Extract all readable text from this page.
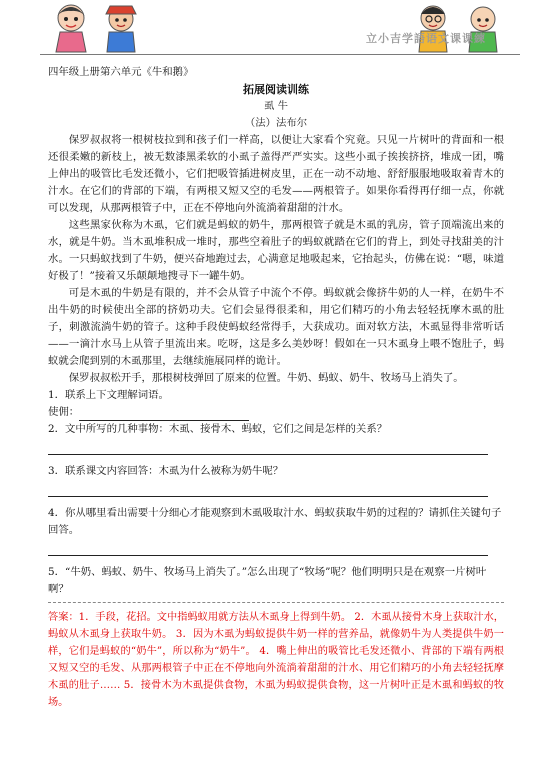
立小吉学語语文课课練

四年级上册第六单元《牛和鹅》

拓展阅读训练

虱 牛

（法）法布尔

保罗叔叔将一根树枝拉到和孩子们一样高，以便让大家看个究竟。只见一片树叶的背面和一根还很柔嫩的新枝上，被无数漆黑柔软的小虱子盖得严严实实。这些小虱子挨挨挤挤，堆成一团，嘴上伸出的吸管比毛发还微小，它们把吸管插进树皮里，正在一动不动地、舒舒服服地吸取着青木的汁水。在它们的背部的下端，有两根又短又空的毛发——两根管子。如果你看得再仔细一点，你就可以发现，从那两根管子中，正在不停地向外流淌着甜甜的汁水。

这些黑家伙称为木虱，它们就是蚂蚁的奶牛，那两根管子就是木虱的乳房，管子顶端流出来的水，就是牛奶。当木虱堆积成一堆时，那些空着肚子的蚂蚁就踏在它们的背上，到处寻找甜美的汁水。一只蚂蚁找到了牛奶，便兴奋地跑过去，心满意足地吸起来，它抬起头，仿佛在说：“嗯，味道好极了！”接着又乐颠颠地搜寻下一罐牛奶。

可是木虱的牛奶是有限的，并不会从管子中流个不停。蚂蚁就会像挤牛奶的人一样，在奶牛不出牛奶的时候使出全部的挤奶功夫。它们会显得很柔和，用它们精巧的小角去轻轻抚摩木虱的肚子，刺激流淌牛奶的管子。这种手段使蚂蚁经常得手，大获成功。面对软方法，木虱显得非常听话——一滴汁水马上从管子里流出来。吃呀，这是多么美妙呀！假如在一只木虱身上喂不饱肚子，蚂蚁就会爬到别的木虱那里，去继续施展同样的诡计。

保罗叔叔松开手，那根树枝弹回了原来的位置。牛奶、蚂蚁、奶牛、牧场马上消失了。

1．联系上下文理解词语。

使佣：

2．文中所写的几种事物：木虱、接骨木、蚂蚁，它们之间是怎样的关系？

3．联系课文内容回答：木虱为什么被称为奶牛呢？

4．你从哪里看出需要十分细心才能观察到木虱吸取汁水、蚂蚁获取牛奶的过程的？请抓住关键句子回答。

5．“牛奶、蚂蚁、奶牛、牧场马上消失了。”怎么出现了“牧场”呢？他们明明只是在观察一片树叶啊？

答案：1．手段，花招。文中指蚂蚁用就方法从木虱身上得到牛奶。 2．木虱从接骨木身上获取汁水，蚂蚁从木虱身上获取牛奶。 3．因为木虱为蚂蚁提供牛奶一样的营养品，就像奶牛为人类提供牛奶一样，它们是蚂蚁的“奶牛”，所以称为“奶牛”。 4．嘴上伸出的吸管比毛发还微小、背部的下端有两根又短又空的毛发、从那两根管子中正在不停地向外流淌着甜甜的汁水、用它们精巧的小角去轻轻抚摩木虱的肚子…… 5．接骨木为木虱提供食物，木虱为蚂蚁提供食物，这一片树叶正是木虱和蚂蚁的牧场。
